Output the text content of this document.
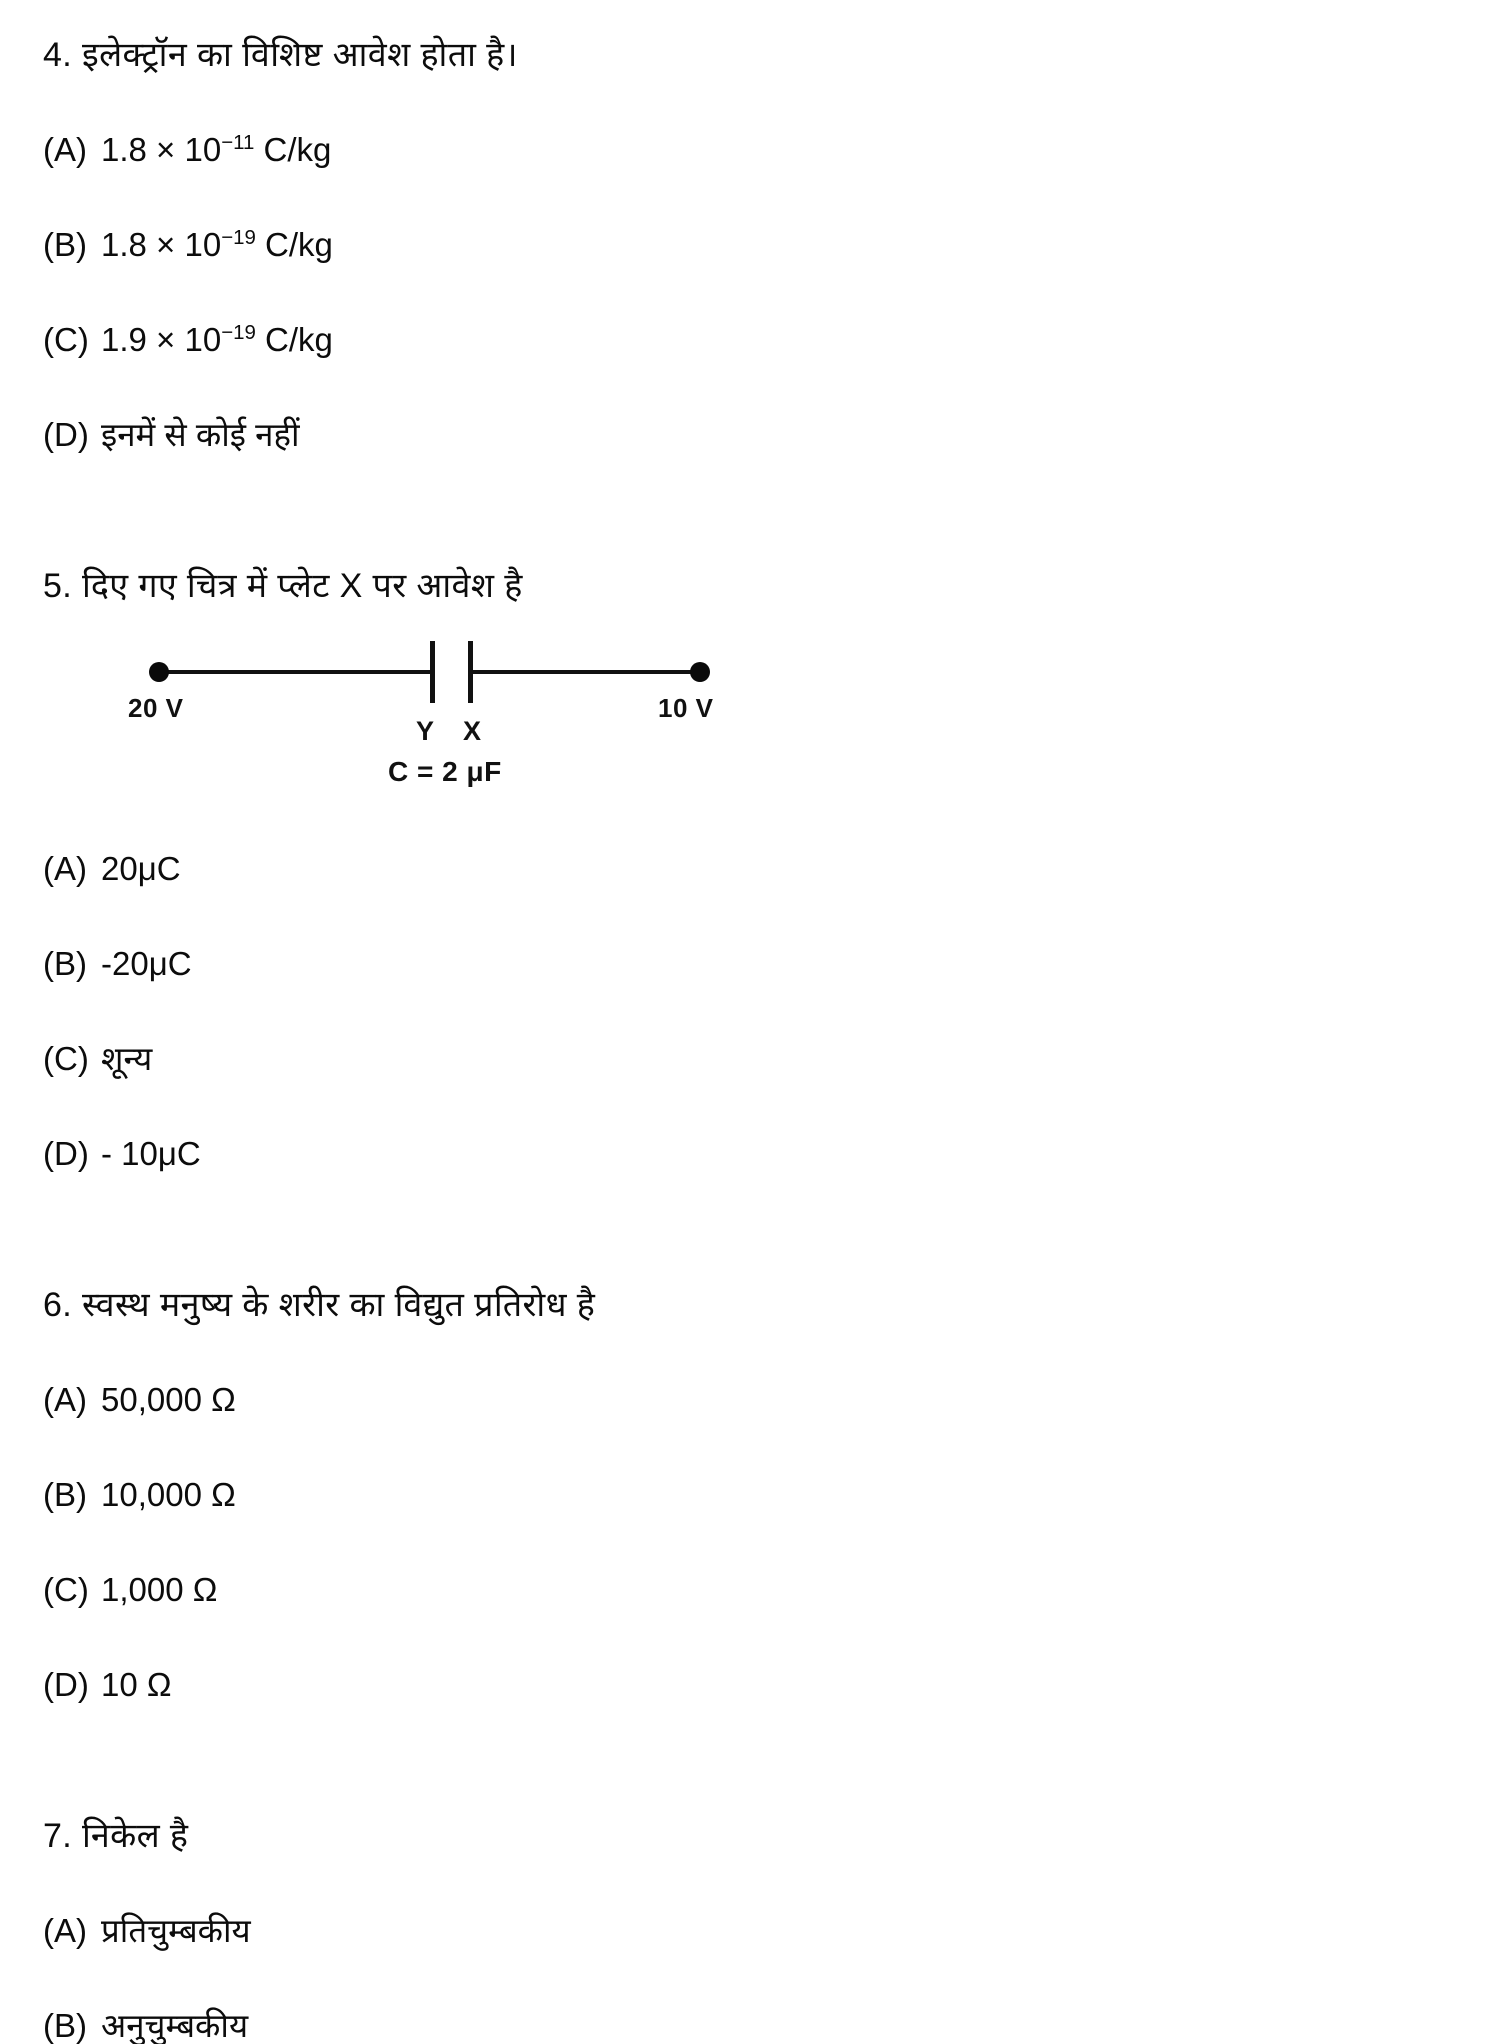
4. इलेक्ट्रॉन का विशिष्ट आवेश होता है।
(A) $1.8 \times 10^{-11}$ C/kg
(B) $1.8 \times 10^{-19}$ C/kg
(C) $1.9 \times 10^{-19}$ C/kg
(D) इनमें से कोई नहीं
5. दिए गए चित्र में प्लेट X पर आवेश है
20 V	10 V
Y X
C = 2 μF
(A) 20μC
(B) -20μC
(C) शून्य
(D) - 10μC
6. स्वस्थ मनुष्य के शरीर का विद्युत प्रतिरोध है
(A) 50,000 Ω
(B) 10,000 Ω
(C) 1,000 Ω
(D) 10 Ω
7. निकेल है
(A) प्रतिचुम्बकीय
(B) अनुचुम्बकीय
